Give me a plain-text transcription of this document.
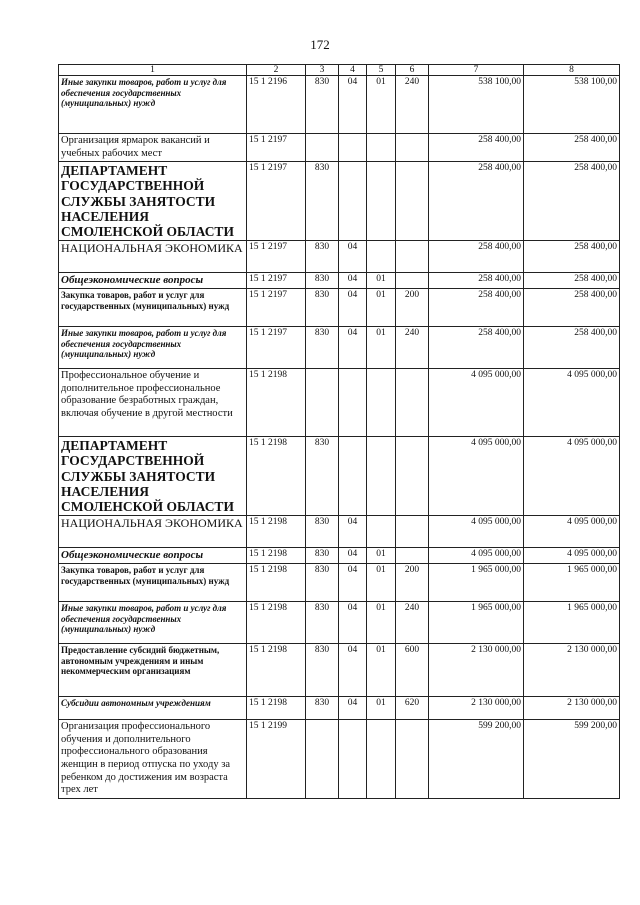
172
1	2	3	4	5	6	7	8
Иные закупки товаров, работ и услуг для обеспечения государственных (муниципальных) нужд	15 1 2196	830	04	01	240	538 100,00	538 100,00
Организация ярмарок вакансий и учебных рабочих мест	15 1 2197					258 400,00	258 400,00
ДЕПАРТАМЕНТ ГОСУДАРСТВЕННОЙ СЛУЖБЫ ЗАНЯТОСТИ НАСЕЛЕНИЯ СМОЛЕНСКОЙ ОБЛАСТИ	15 1 2197	830				258 400,00	258 400,00
НАЦИОНАЛЬНАЯ ЭКОНОМИКА	15 1 2197	830	04			258 400,00	258 400,00
Общеэкономические вопросы	15 1 2197	830	04	01		258 400,00	258 400,00
Закупка товаров, работ и услуг для государственных (муниципальных) нужд	15 1 2197	830	04	01	200	258 400,00	258 400,00
Иные закупки товаров, работ и услуг для обеспечения государственных (муниципальных) нужд	15 1 2197	830	04	01	240	258 400,00	258 400,00
Профессиональное обучение и дополнительное профессиональное образование безработных граждан, включая обучение в другой местности	15 1 2198					4 095 000,00	4 095 000,00
ДЕПАРТАМЕНТ ГОСУДАРСТВЕННОЙ СЛУЖБЫ ЗАНЯТОСТИ НАСЕЛЕНИЯ СМОЛЕНСКОЙ ОБЛАСТИ	15 1 2198	830				4 095 000,00	4 095 000,00
НАЦИОНАЛЬНАЯ ЭКОНОМИКА	15 1 2198	830	04			4 095 000,00	4 095 000,00
Общеэкономические вопросы	15 1 2198	830	04	01		4 095 000,00	4 095 000,00
Закупка товаров, работ и услуг для государственных (муниципальных) нужд	15 1 2198	830	04	01	200	1 965 000,00	1 965 000,00
Иные закупки товаров, работ и услуг для обеспечения государственных (муниципальных) нужд	15 1 2198	830	04	01	240	1 965 000,00	1 965 000,00
Предоставление субсидий бюджетным, автономным учреждениям и иным некоммерческим организациям	15 1 2198	830	04	01	600	2 130 000,00	2 130 000,00
Субсидии автономным учреждениям	15 1 2198	830	04	01	620	2 130 000,00	2 130 000,00
Организация профессионального обучения и дополнительного профессионального образования женщин в период отпуска по уходу за ребенком до достижения им возраста трех лет	15 1 2199					599 200,00	599 200,00
